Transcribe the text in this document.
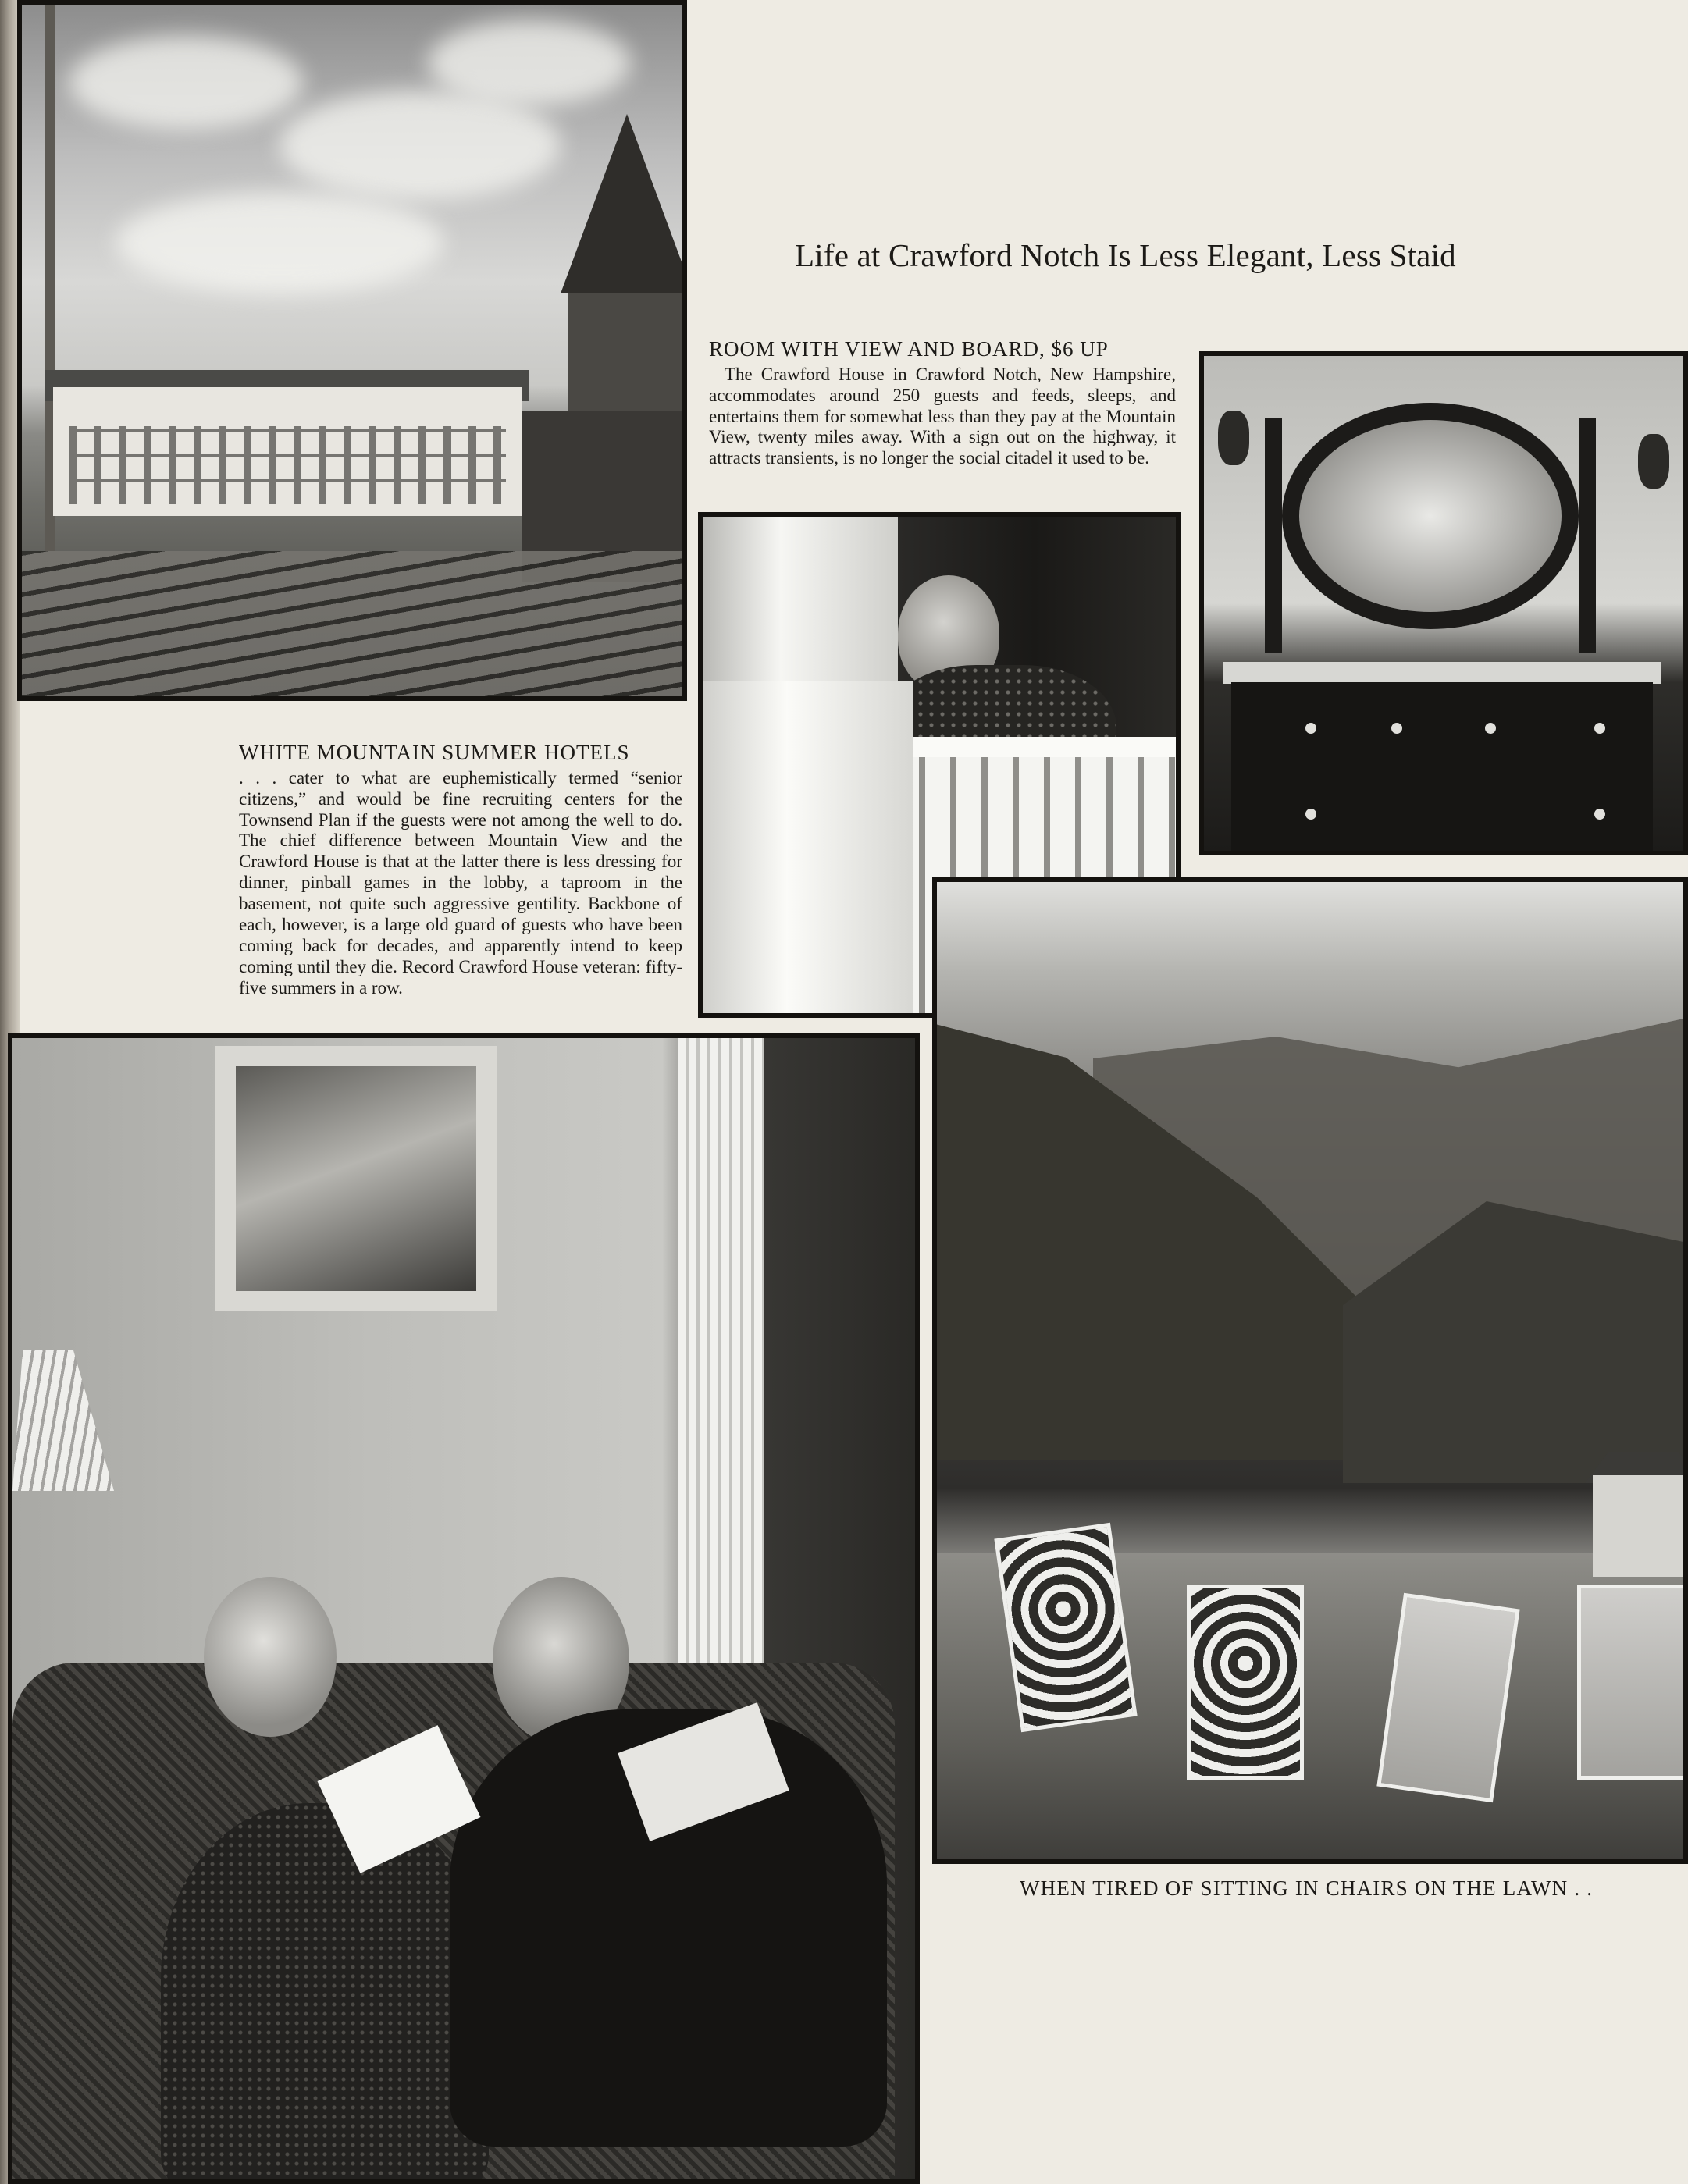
Life at Crawford Notch Is Less Elegant, Less Staid
ROOM WITH VIEW AND BOARD, $6 UP

The Crawford House in Crawford Notch, New Hampshire, accommodates around 250 guests and feeds, sleeps, and entertains them for somewhat less than they pay at the Mountain View, twenty miles away. With a sign out on the highway, it attracts transients, is no longer the social citadel it used to be.

WHITE MOUNTAIN SUMMER HOTELS

. . . cater to what are euphemistically termed “senior citizens,” and would be fine recruiting centers for the Townsend Plan if the guests were not among the well to do. The chief difference between Mountain View and the Crawford House is that at the latter there is less dressing for dinner, pinball games in the lobby, a taproom in the basement, not quite such aggressive gentility. Backbone of each, however, is a large old guard of guests who have been coming back for decades, and apparently intend to keep coming until they die. Record Crawford House veteran: fifty-five summers in a row.

WHEN TIRED OF SITTING IN CHAIRS ON THE LAWN . .
